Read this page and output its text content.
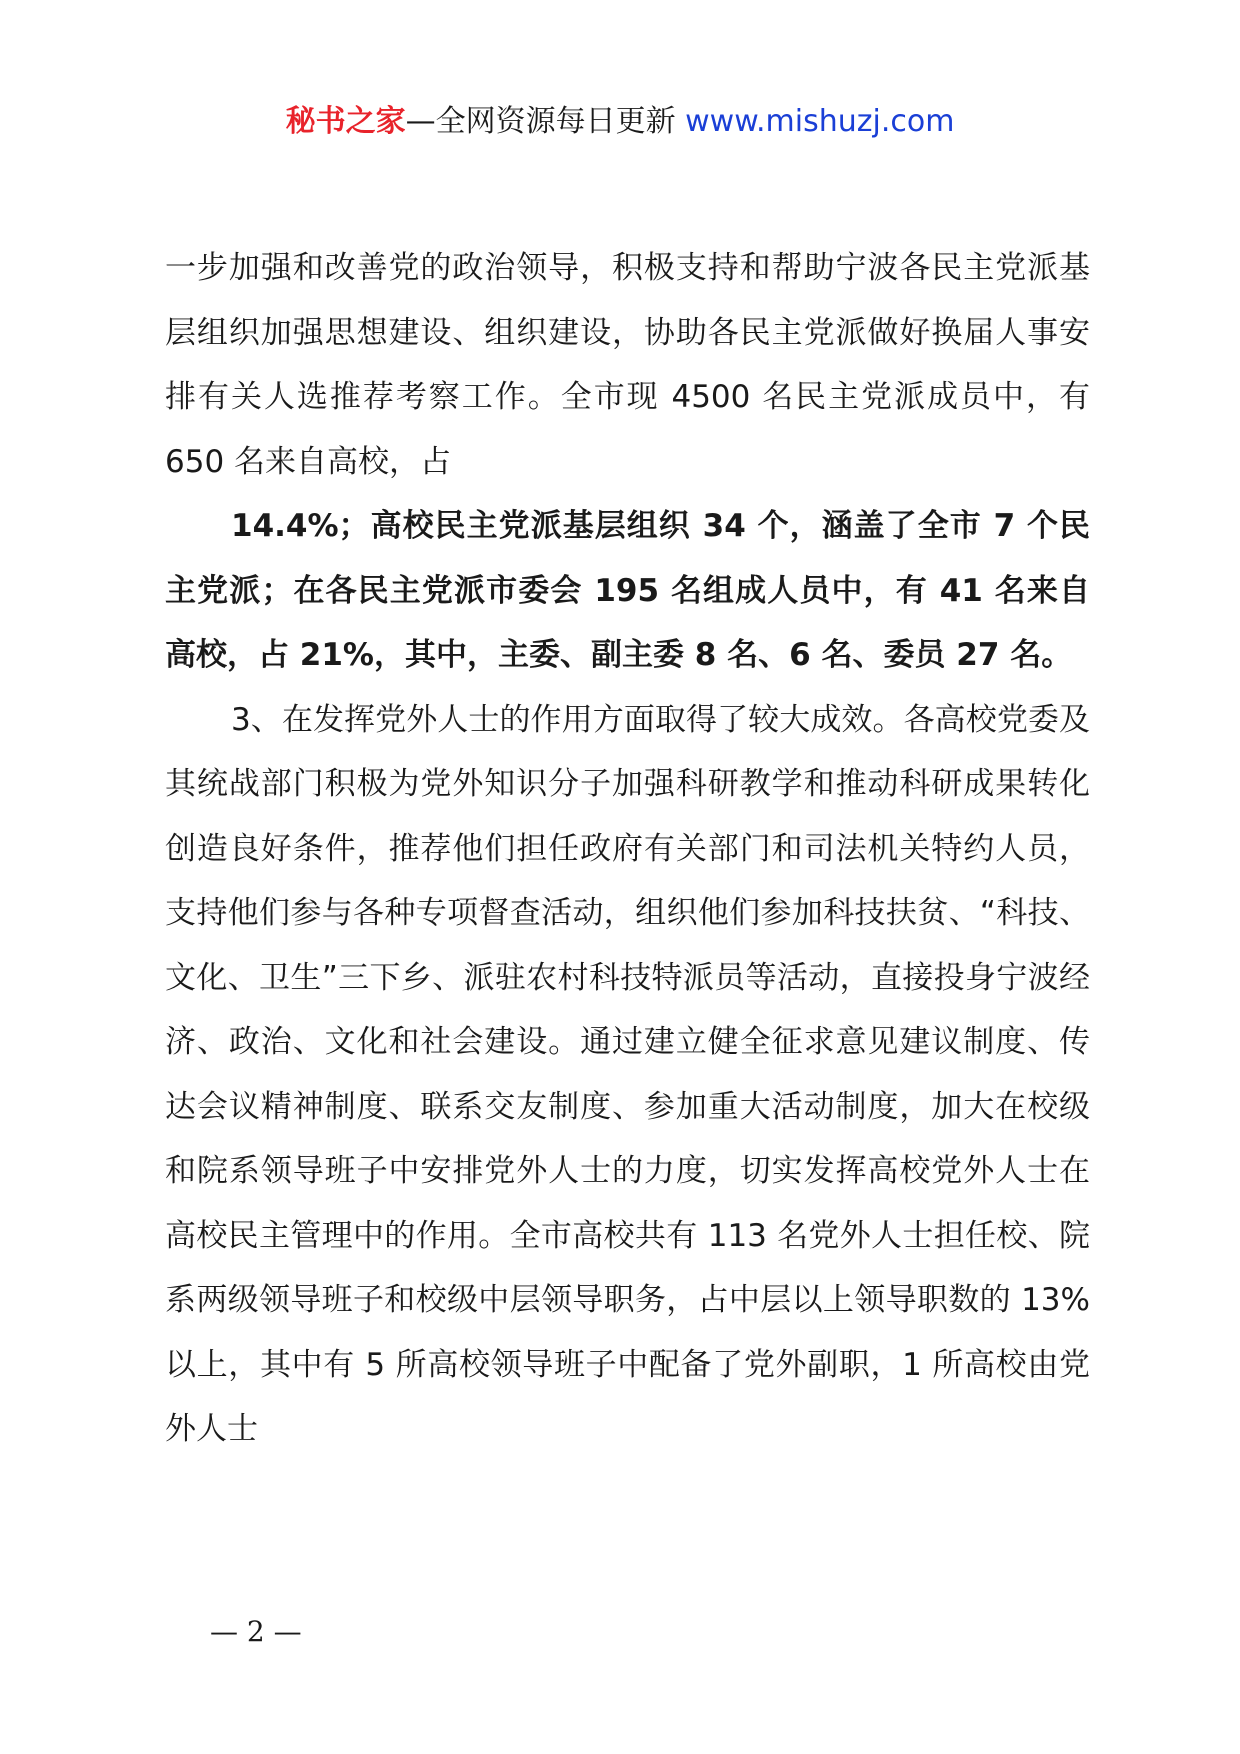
秘书之家—全网资源每日更新 www.mishuzj.com

一步加强和改善党的政治领导，积极支持和帮助宁波各民主党派基层组织加强思想建设、组织建设，协助各民主党派做好换届人事安排有关人选推荐考察工作。全市现 4500 名民主党派成员中，有 650 名来自高校，占

14.4%；高校民主党派基层组织 34 个，涵盖了全市 7 个民主党派；在各民主党派市委会 195 名组成人员中，有 41 名来自高校，占 21%，其中，主委、副主委 8 名、6 名、委员 27 名。

3、在发挥党外人士的作用方面取得了较大成效。各高校党委及其统战部门积极为党外知识分子加强科研教学和推动科研成果转化创造良好条件，推荐他们担任政府有关部门和司法机关特约人员，支持他们参与各种专项督查活动，组织他们参加科技扶贫、“科技、文化、卫生”三下乡、派驻农村科技特派员等活动，直接投身宁波经济、政治、文化和社会建设。通过建立健全征求意见建议制度、传达会议精神制度、联系交友制度、参加重大活动制度，加大在校级和院系领导班子中安排党外人士的力度，切实发挥高校党外人士在高校民主管理中的作用。全市高校共有 113 名党外人士担任校、院系两级领导班子和校级中层领导职务，占中层以上领导职数的 13%以上，其中有 5 所高校领导班子中配备了党外副职，1 所高校由党外人士

— 2 —
